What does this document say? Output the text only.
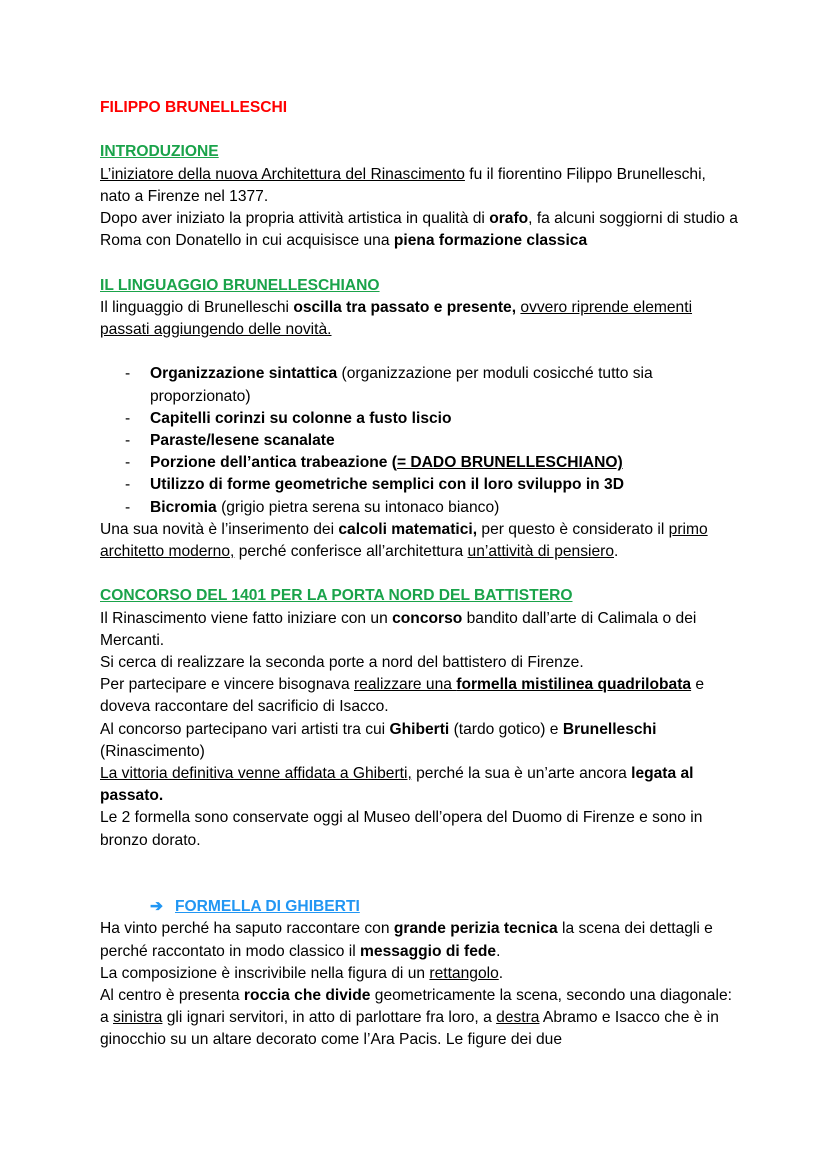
FILIPPO BRUNELLESCHI

INTRODUZIONE

L’iniziatore della nuova Architettura del Rinascimento fu il fiorentino Filippo Brunelleschi, nato a Firenze nel 1377.

Dopo aver iniziato la propria attività artistica in qualità di orafo, fa alcuni soggiorni di studio a Roma con Donatello in cui acquisisce una piena formazione classica

IL LINGUAGGIO BRUNELLESCHIANO

Il linguaggio di Brunelleschi oscilla tra passato e presente, ovvero riprende elementi passati aggiungendo delle novità.

- Organizzazione sintattica (organizzazione per moduli cosicché tutto sia proporzionato)
- Capitelli corinzi su colonne a fusto liscio
- Paraste/lesene scanalate
- Porzione dell’antica trabeazione (= DADO BRUNELLESCHIANO)
- Utilizzo di forme geometriche semplici con il loro sviluppo in 3D
- Bicromia (grigio pietra serena su intonaco bianco)

Una sua novità è l’inserimento dei calcoli matematici, per questo è considerato il primo architetto moderno, perché conferisce all’architettura un’attività di pensiero.

CONCORSO DEL 1401 PER LA PORTA NORD DEL BATTISTERO

Il Rinascimento viene fatto iniziare con un concorso bandito dall’arte di Calimala o dei Mercanti.

Si cerca di realizzare la seconda porte a nord del battistero di Firenze.

Per partecipare e vincere bisognava realizzare una formella mistilinea quadrilobata e doveva raccontare del sacrificio di Isacco.

Al concorso partecipano vari artisti tra cui Ghiberti (tardo gotico) e Brunelleschi (Rinascimento)

La vittoria definitiva venne affidata a Ghiberti, perché la sua è un’arte ancora legata al passato.

Le 2 formella sono conservate oggi al Museo dell’opera del Duomo di Firenze e sono in bronzo dorato.

➔ FORMELLA DI GHIBERTI

Ha vinto perché ha saputo raccontare con grande perizia tecnica la scena dei dettagli e perché raccontato in modo classico il messaggio di fede.

La composizione è inscrivibile nella figura di un rettangolo.

Al centro è presenta roccia che divide geometricamente la scena, secondo una diagonale: a sinistra gli ignari servitori, in atto di parlottare fra loro, a destra Abramo e Isacco che è in ginocchio su un altare decorato come l’Ara Pacis. Le figure dei due
